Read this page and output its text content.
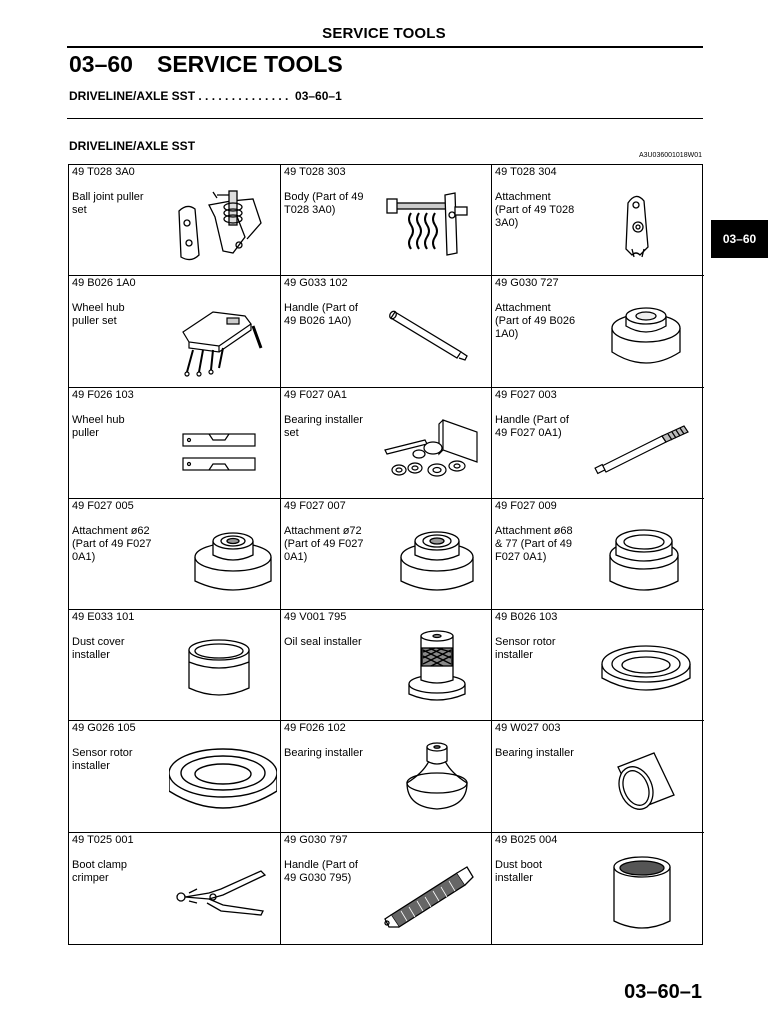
SERVICE TOOLS
03–60 SERVICE TOOLS
DRIVELINE/AXLE SST . . . . . . . . . . . . . .  03–60–1
DRIVELINE/AXLE SST
A3U036001018W01
03–60
49 T028 3A0
Ball joint puller
set
49 T028 303
Body (Part of 49
T028 3A0)
49 T028 304
Attachment
(Part of 49 T028
3A0)
49 B026 1A0
Wheel hub
puller set
49 G033 102
Handle (Part of
49 B026 1A0)
49 G030 727
Attachment
(Part of 49 B026
1A0)
49 F026 103
Wheel hub
puller
49 F027 0A1
Bearing installer
set
49 F027 003
Handle (Part of
49 F027 0A1)
49 F027 005
Attachment ø62
(Part of 49 F027
0A1)
49 F027 007
Attachment ø72
(Part of 49 F027
0A1)
49 F027 009
Attachment ø68
& 77 (Part of 49
F027 0A1)
49 E033 101
Dust cover
installer
49 V001 795
Oil seal installer
49 B026 103
Sensor rotor
installer
49 G026 105
Sensor rotor
installer
49 F026 102
Bearing installer
49 W027 003
Bearing installer
49 T025 001
Boot clamp
crimper
49 G030 797
Handle (Part of
49 G030 795)
49 B025 004
Dust boot
installer
03–60–1
